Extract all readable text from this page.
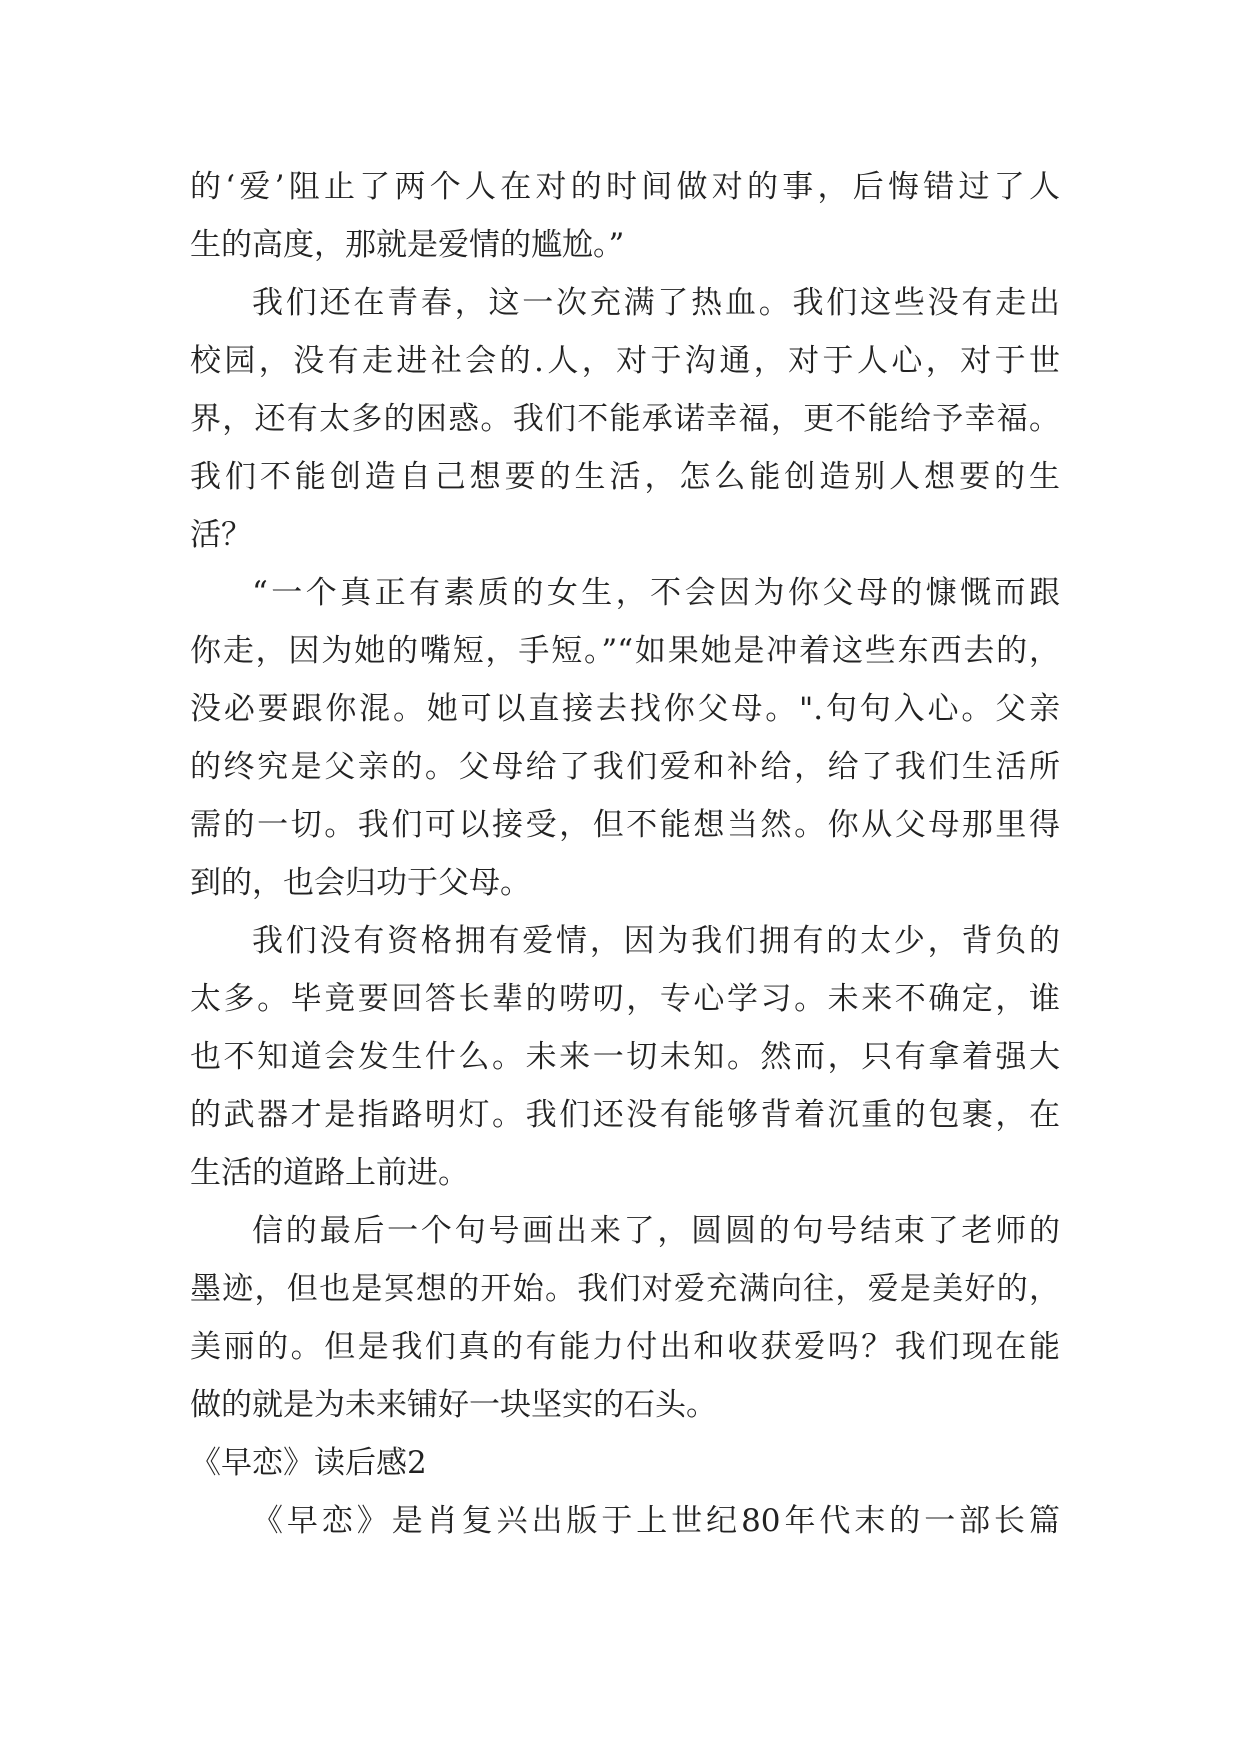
的‘爱’阻止了两个人在对的时间做对的事，后悔错过了人
生的高度，那就是爱情的尴尬。”
我们还在青春，这一次充满了热血。我们这些没有走出
校园，没有走进社会的.人，对于沟通，对于人心，对于世
界，还有太多的困惑。我们不能承诺幸福，更不能给予幸福。
我们不能创造自己想要的生活，怎么能创造别人想要的生
活？
“一个真正有素质的女生，不会因为你父母的慷慨而跟
你走，因为她的嘴短，手短。”“如果她是冲着这些东西去的，
没必要跟你混。她可以直接去找你父母。".句句入心。父亲
的终究是父亲的。父母给了我们爱和补给，给了我们生活所
需的一切。我们可以接受，但不能想当然。你从父母那里得
到的，也会归功于父母。
我们没有资格拥有爱情，因为我们拥有的太少，背负的
太多。毕竟要回答长辈的唠叨，专心学习。未来不确定，谁
也不知道会发生什么。未来一切未知。然而，只有拿着强大
的武器才是指路明灯。我们还没有能够背着沉重的包裹，在
生活的道路上前进。
信的最后一个句号画出来了，圆圆的句号结束了老师的
墨迹，但也是冥想的开始。我们对爱充满向往，爱是美好的，
美丽的。但是我们真的有能力付出和收获爱吗？我们现在能
做的就是为未来铺好一块坚实的石头。
《早恋》读后感2
《早恋》是肖复兴出版于上世纪80年代末的一部长篇
